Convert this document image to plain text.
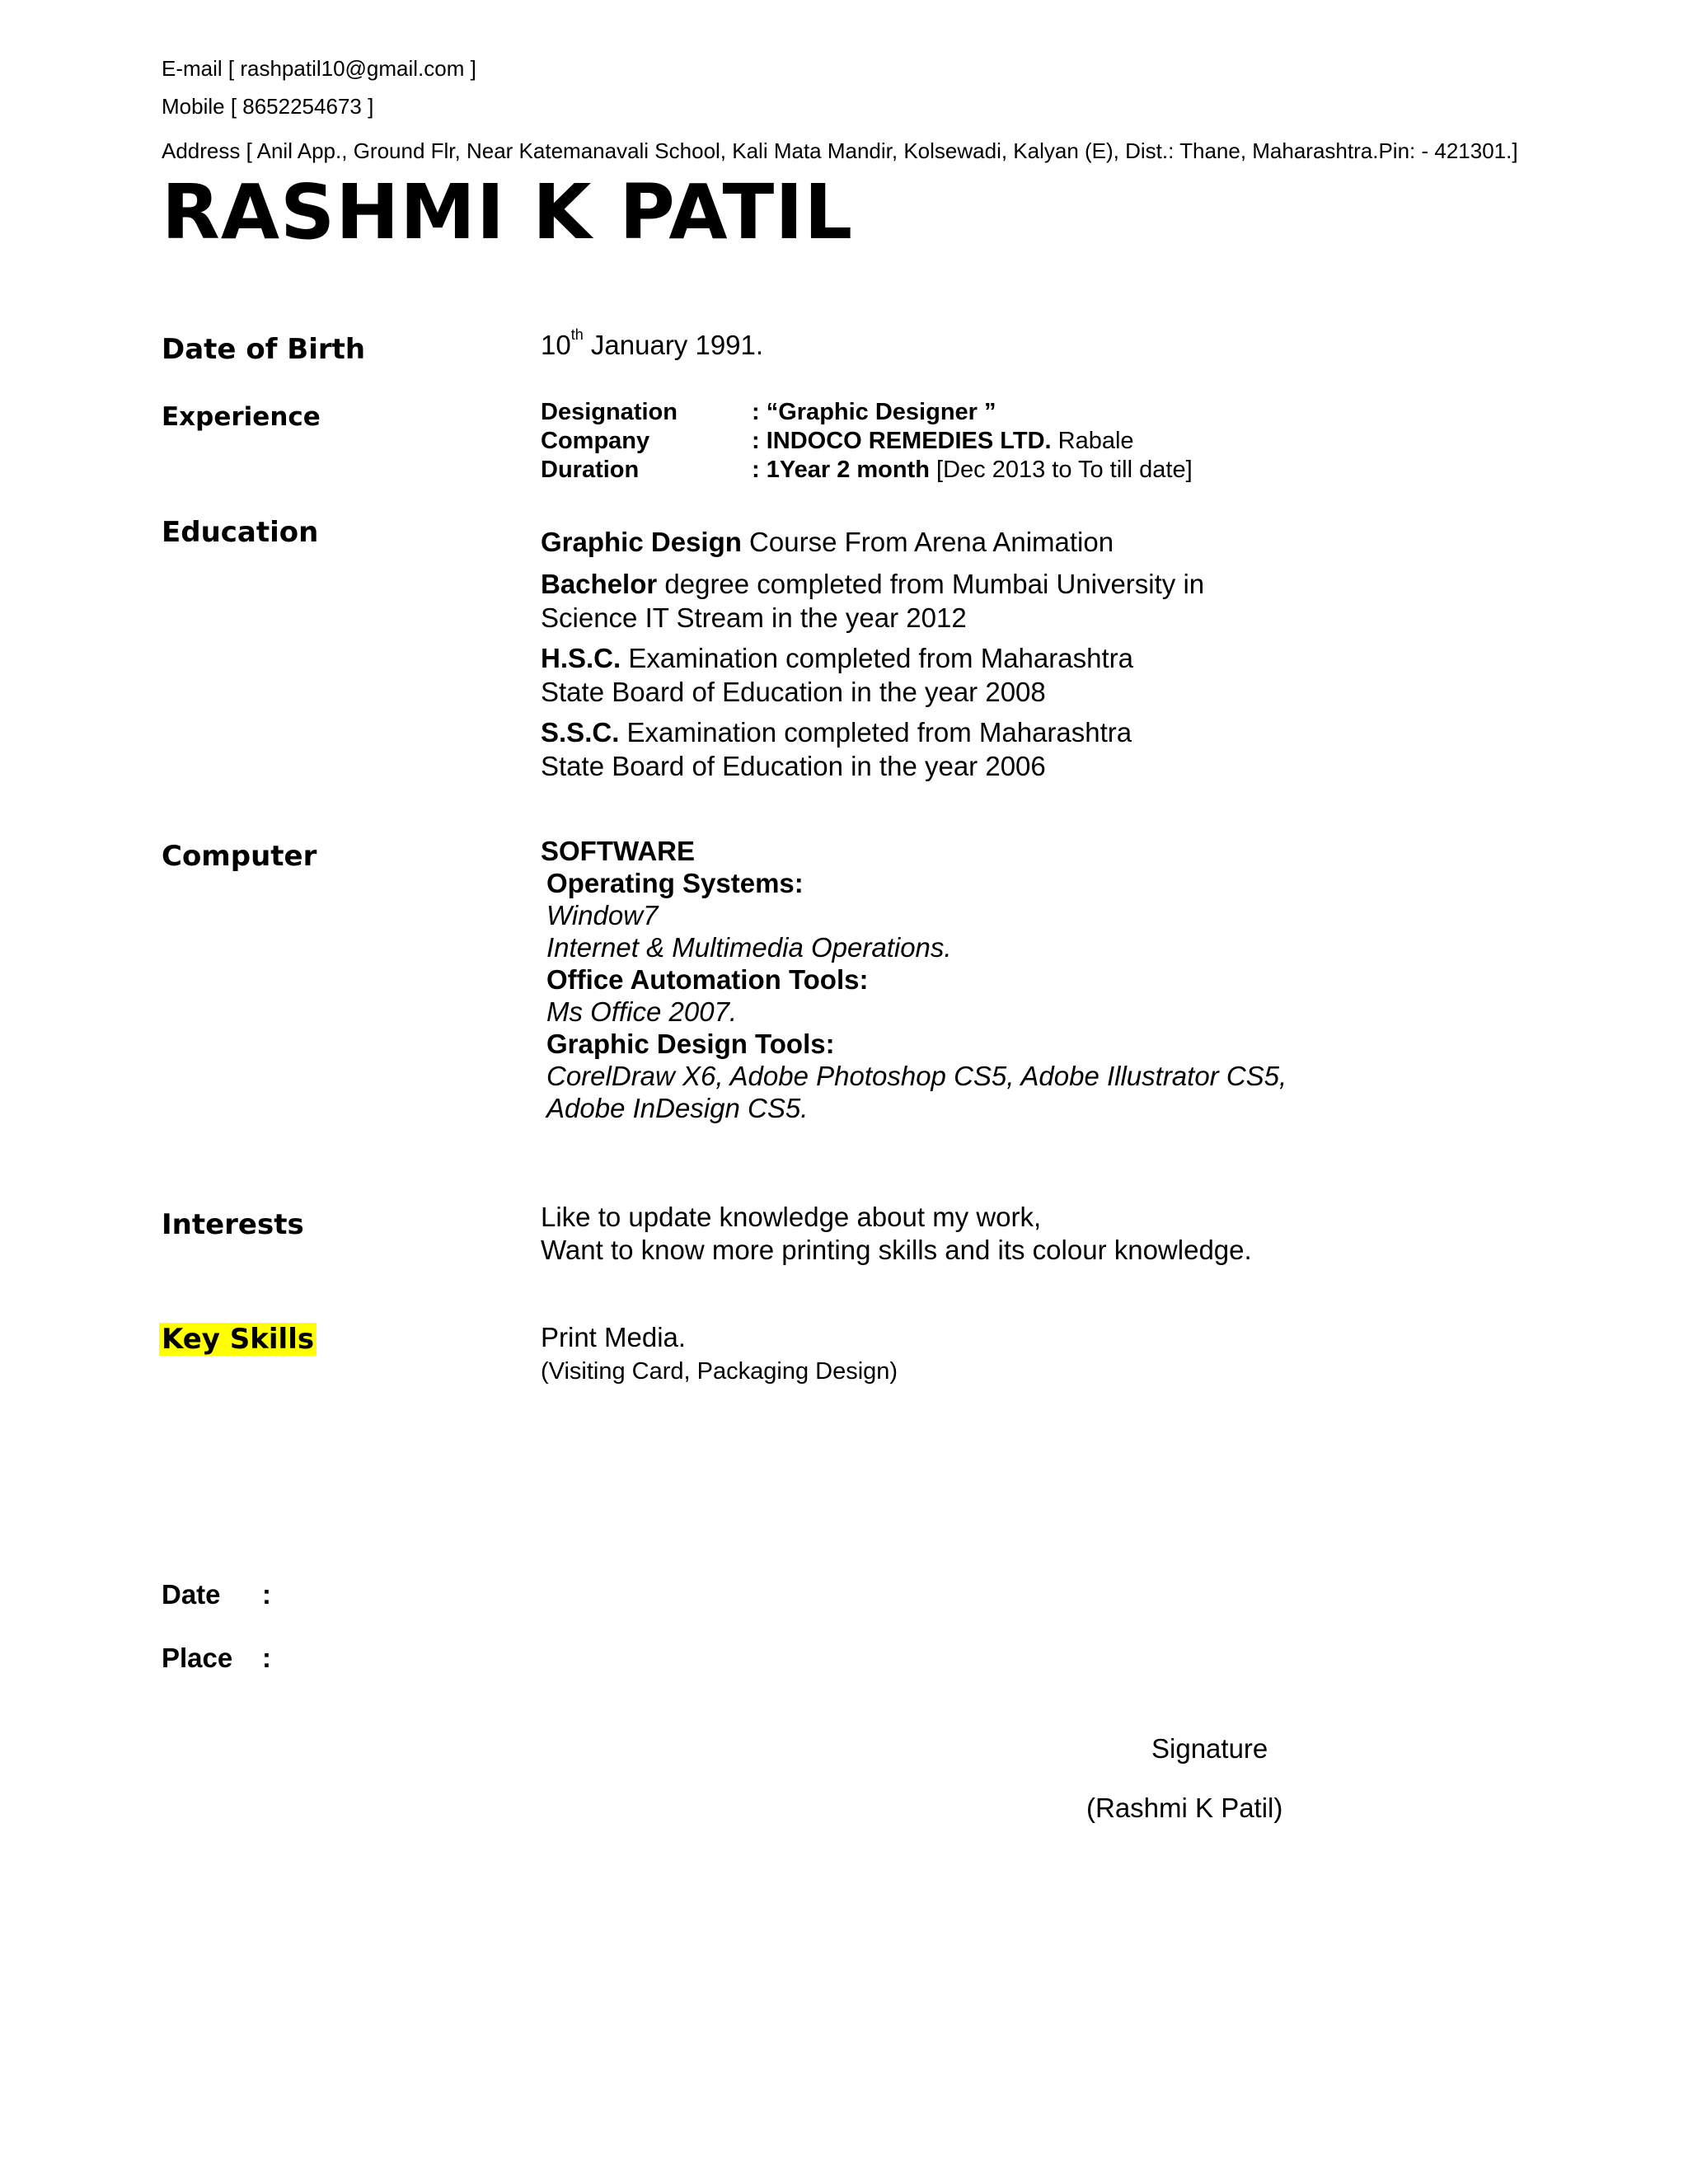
E-mail [ rashpatil10@gmail.com ]
Mobile [ 8652254673 ]
Address [ Anil App., Ground Flr, Near Katemanavali School, Kali Mata Mandir, Kolsewadi, Kalyan (E), Dist.: Thane, Maharashtra.Pin: - 421301.]
RASHMI K PATIL
Date of Birth	10th January 1991.
Experience	Designation	: “Graphic Designer ”
Company	: INDOCO REMEDIES LTD. Rabale
Duration	: 1Year 2 month [Dec 2013 to To till date]
Education	Graphic Design Course From Arena Animation
Bachelor degree completed from Mumbai University in
Science IT Stream in the year 2012
H.S.C. Examination completed from Maharashtra
State Board of Education in the year 2008
S.S.C. Examination completed from Maharashtra
State Board of Education in the year 2006
Computer	SOFTWARE
Operating Systems:
Window7
Internet & Multimedia Operations.
Office Automation Tools:
Ms Office 2007.
Graphic Design Tools:
CorelDraw X6, Adobe Photoshop CS5, Adobe Illustrator CS5,
Adobe InDesign CS5.
Interests	Like to update knowledge about my work,
Want to know more printing skills and its colour knowledge.
Key Skills	Print Media.
(Visiting Card, Packaging Design)
Date :
Place :
Signature
(Rashmi K Patil)
